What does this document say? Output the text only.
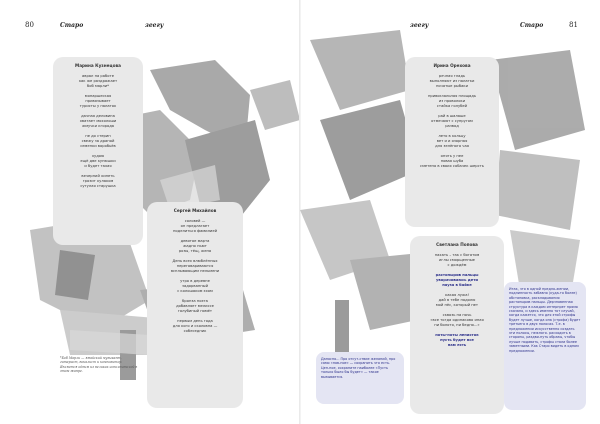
80	Старо	зеегу
Марина Кузнецова
аврал на работе
как же раздражает
боб марли*
монаршеская
привязывает
туристы у палаток
дачная деловина
хватает мохолоши
жмучки кгорода
не до стерин
свежу за драной
семенки воробьёв
худою
ещё две купюшки
и будет тахая
вечерний хипеть
грозит кулаком
сутулая старушка
Сергей Михайлов
соловей —
он предлагает
поделиться фамилией
девятое марта
жадно пьют
розы, тёщ, жена
День всех влюблённых
переговариваются
всплывающим пельмени
утро в деревне
задорванный
с колошаком эхом
бронза поэта
добавляет мелиссе
голубиный помёт
первым день года
для кого и сколовна —
собеседник
*Боб Марли — ямайский музыкант, гитарист, вокалист и композитор. Является одним из великих исполнителей в этом жанре.
81
зеегу	Старо
Ирина Орехова
речная гладь
выполняют из палатки
початые рыбаки
привокзальная площадь
из проволоки
стайка голубей
рай в шалаше
отмечают с супругом
развод
лето в кольцу
вет и и озорная
для зелёного чая
опять у нее
новая шуба
сметено в своих собачек шерсть
Светлана Попова
пахать – так с богатом
иглы сморщенные
с дождём
растопырив пальцы
уворачиваюсь дети
пауза в байке
какая лужа!
дай в тебе подолю
мой пёс, который нет
сквозь на ночь
«все тогда одинаково иная
ни болото, ни бедно...»
ноты-ноты ленисток
пусть будет все
нам есть
Даносно... Про отсут-ствие желаний, про само «нов-ное» — сохранить что есть. Цен-ное, сохраните наиболее «Пусть только было бы будет» — такое вызывается.
Итак, что в одной предло-жении, подлинность забавно (куда-то более) обстановка, раскладывания растопырив пальцы. Дерзновенная структура в каждом интерпрет прямо сказано, и здесь именно тот случай, когда кажется, что для этой строфы будет лучше, когда она (строфа) будет третьего в двух полосах. Т.е. в предложении искусственно создать эти полосы, нежного. расходить в стороны, раздви-нуть образы, чтобы лучше подавать, строфы стали более заметными. Как Старо видеть в одном предложении.
